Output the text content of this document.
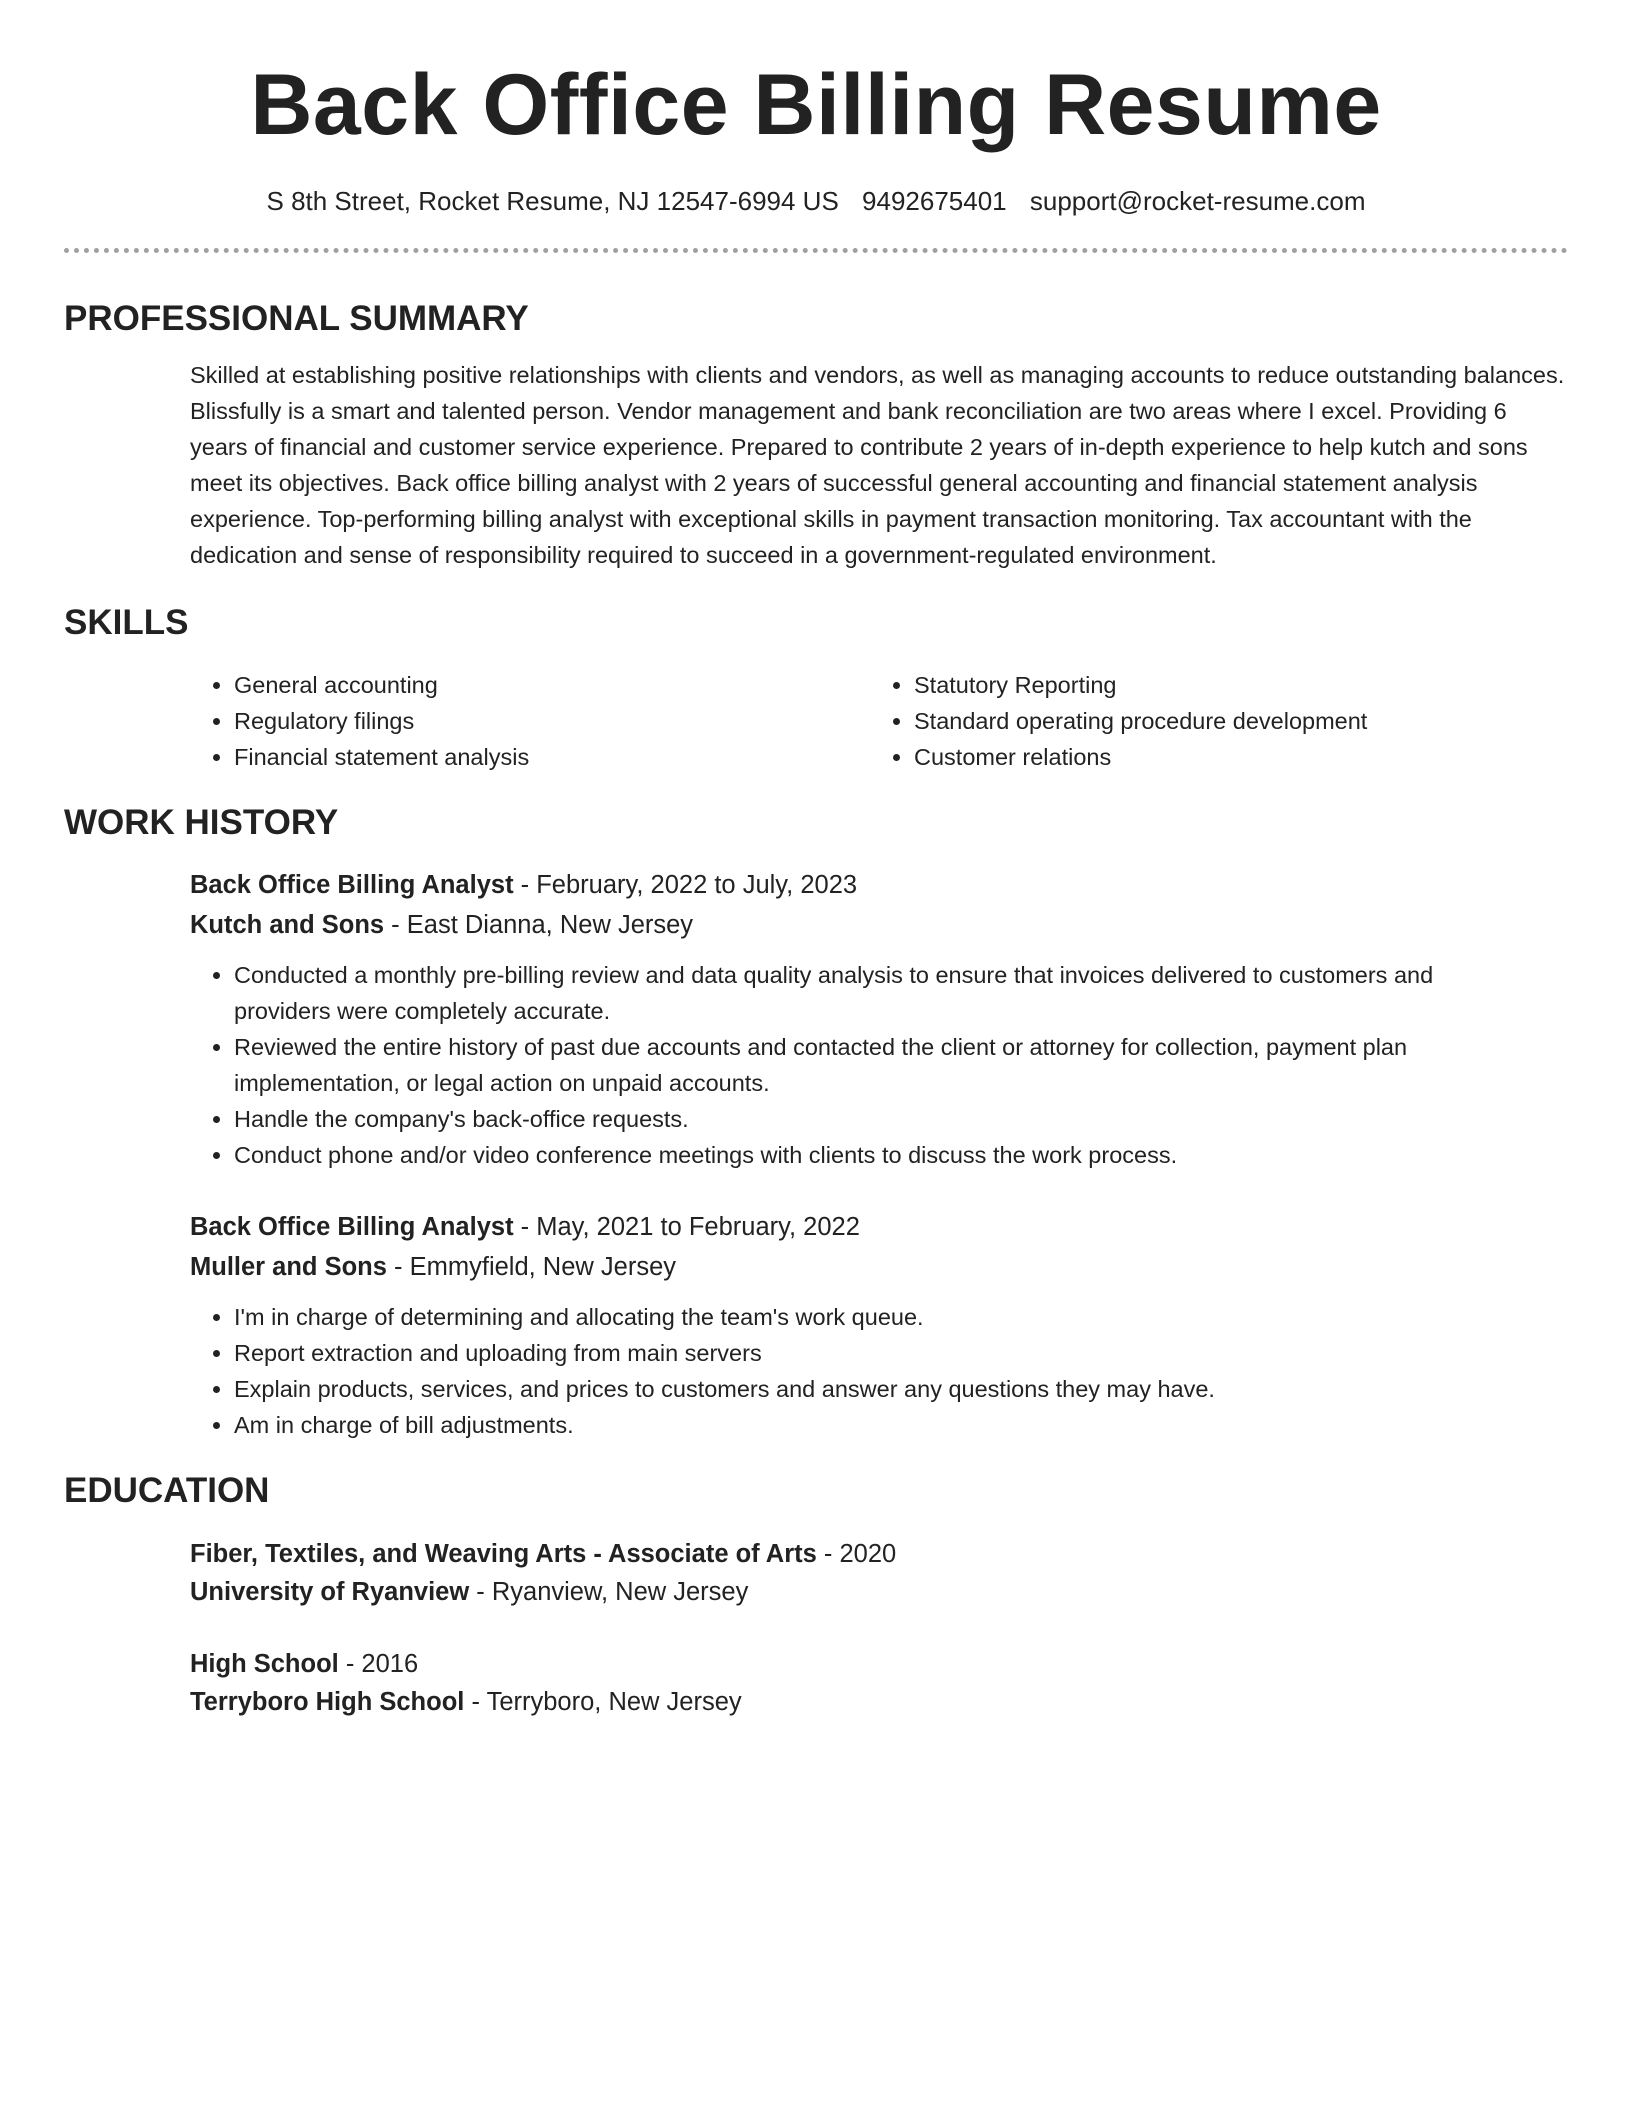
Back Office Billing Resume
S 8th Street, Rocket Resume, NJ 12547-6994 US 9492675401 support@rocket-resume.com
PROFESSIONAL SUMMARY
Skilled at establishing positive relationships with clients and vendors, as well as managing accounts to reduce outstanding balances. Blissfully is a smart and talented person. Vendor management and bank reconciliation are two areas where I excel. Providing 6 years of financial and customer service experience. Prepared to contribute 2 years of in-depth experience to help kutch and sons meet its objectives. Back office billing analyst with 2 years of successful general accounting and financial statement analysis experience. Top-performing billing analyst with exceptional skills in payment transaction monitoring. Tax accountant with the dedication and sense of responsibility required to succeed in a government-regulated environment.
SKILLS
• General accounting
• Regulatory filings
• Financial statement analysis
• Statutory Reporting
• Standard operating procedure development
• Customer relations
WORK HISTORY
Back Office Billing Analyst - February, 2022 to July, 2023
Kutch and Sons - East Dianna, New Jersey
• Conducted a monthly pre-billing review and data quality analysis to ensure that invoices delivered to customers and providers were completely accurate.
• Reviewed the entire history of past due accounts and contacted the client or attorney for collection, payment plan implementation, or legal action on unpaid accounts.
• Handle the company's back-office requests.
• Conduct phone and/or video conference meetings with clients to discuss the work process.
Back Office Billing Analyst - May, 2021 to February, 2022
Muller and Sons - Emmyfield, New Jersey
• I'm in charge of determining and allocating the team's work queue.
• Report extraction and uploading from main servers
• Explain products, services, and prices to customers and answer any questions they may have.
• Am in charge of bill adjustments.
EDUCATION
Fiber, Textiles, and Weaving Arts - Associate of Arts - 2020
University of Ryanview - Ryanview, New Jersey
High School - 2016
Terryboro High School - Terryboro, New Jersey
